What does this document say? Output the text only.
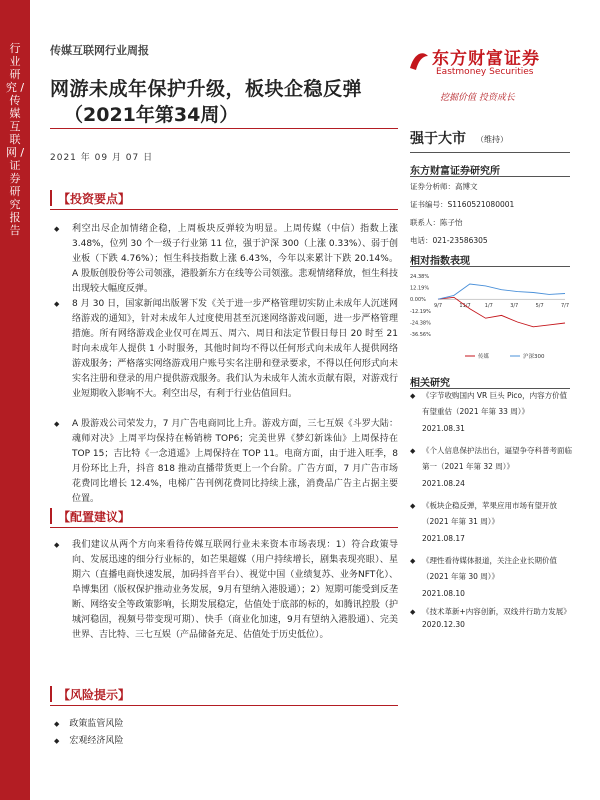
行业研究 / 传媒互联网 / 证券研究报告
传媒互联网行业周报
网游未成年保护升级，板块企稳反弹
（2021年第34周）
2021 年 09 月 07 日
【投资要点】
◆ 利空出尽企加情绪企稳，上周板块反弹较为明显。上周传媒（中信）指数上涨 3.48%，位列 30 个一级子行业第 11 位，强于沪深 300（上涨 0.33%）、弱于创业板（下跌 4.76%）；恒生科技指数上涨 6.43%，今年以来累计下跌 20.14%。A 股版创股份等公司领涨，港股新东方在线等公司领涨。悲观情绪释放，恒生科技出现较大幅度反弹。
◆ 8 月 30 日，国家新闻出版署下发《关于进一步严格管理切实防止未成年人沉迷网络游戏的通知》，针对未成年人过度使用甚至沉迷网络游戏问题，进一步严格管理措施。所有网络游戏企业仅可在周五、周六、周日和法定节假日每日 20 时至 21 时向未成年人提供 1 小时服务，其他时间均不得以任何形式向未成年人提供网络游戏服务；严格落实网络游戏用户账号实名注册和登录要求，不得以任何形式向未实名注册和登录的用户提供游戏服务。我们认为未成年人流水贡献有限，对游戏行业短期收入影响不大。利空出尽，有利于行业估值回归。
◆ A 股游戏公司荣发力，7 月广告电商同比上升。游戏方面，三七互娱《斗罗大陆：魂师对决》上周平均保持在畅销榜 TOP6；完美世界《梦幻新诛仙》上周保持在 TOP 15；吉比特《一念逍遥》上周保持在 TOP 11。电商方面，由于进入旺季，8 月份环比上升，抖音 818 推动直播带货更上一个台阶。广告方面，7 月广告市场花费同比增长 12.4%，电梯广告刊例花费同比持续上涨，消费品广告主占据主要位置。
【配置建议】
◆ 我们建议从两个方向来看待传媒互联网行业未来资本市场表现：1）符合政策导向、发展迅速的细分行业标的，如芒果超媒（用户持续增长，剧集表现亮眼）、星期六（直播电商快速发展，加码抖音平台）、视觉中国（业绩复苏、业务NFT化）、阜博集团（版权保护推动业务发展，9月有望纳入港股通）；2）短期可能受到反垄断、网络安全等政策影响，长期发展稳定，估值处于底部的标的，如腾讯控股（护城河稳固，视频号带变现可期）、快手（商业化加速，9月有望纳入港股通）、完美世界、吉比特、三七互娱（产品储备充足、估值处于历史低位）。
【风险提示】
◆ 政策监管风险
◆ 宏观经济风险
东方财富证券
Eastmoney Securities
挖掘价值 投资成长
强于大市 （维持）
东方财富证券研究所
证券分析师：高博文
证书编号：S1160521080001
联系人：陈子怡
电话：021-23586305
相对指数表现
24.38%
12.19%
0.00%
-12.19%
-24.38%
-36.56%
9/7	11/7	1/7	3/7	5/7	7/7
传媒	沪深300
相关研究
◆ 《字节收购国内 VR 巨头 Pico，内容方价值有望重估（2021 年第 33 周）》
2021.08.31
◆ 《个人信息保护法出台，逼望争夺科普考面临第一（2021 年第 32 周）》
2021.08.24
◆ 《板块企稳反弹，苹果应用市场有望开放（2021 年第 31 周）》
2021.08.17
◆ 《理性看待媒体报道，关注企业长期价值（2021 年第 30 周）》
2021.08.10
◆ 《技术革新+内容创新，双线并行助力发展》
2020.12.30
